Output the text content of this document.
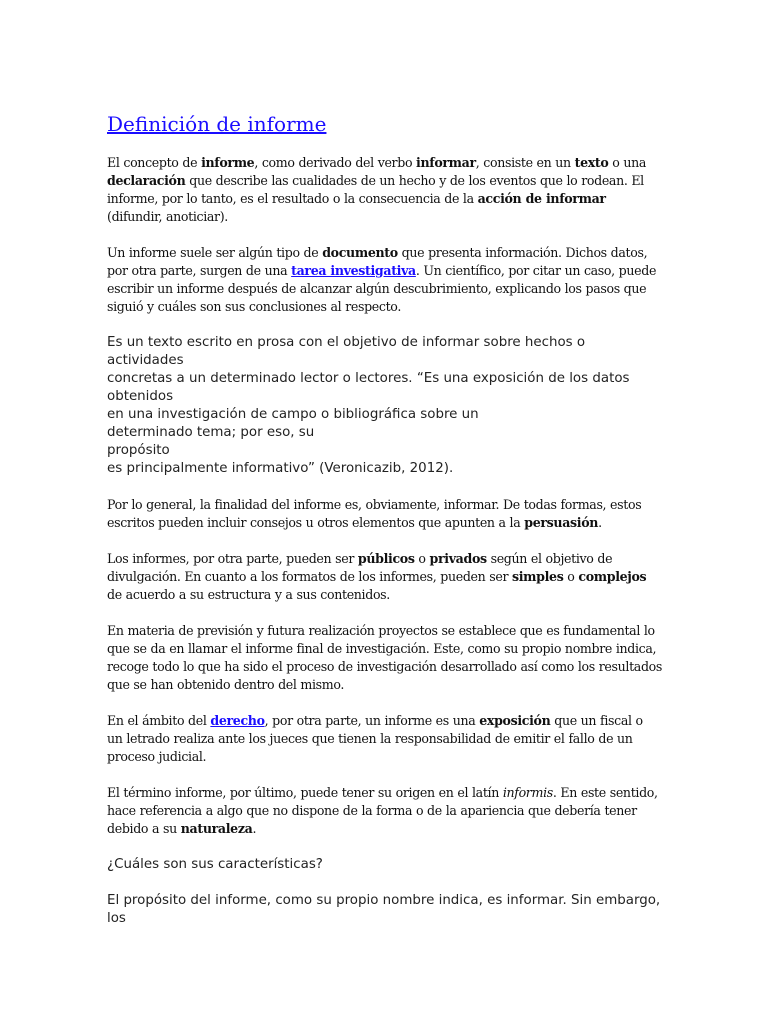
Definición de informe

El concepto de informe, como derivado del verbo informar, consiste en un texto o una declaración que describe las cualidades de un hecho y de los eventos que lo rodean. El informe, por lo tanto, es el resultado o la consecuencia de la acción de informar (difundir, anoticiar).

Un informe suele ser algún tipo de documento que presenta información. Dichos datos, por otra parte, surgen de una tarea investigativa. Un científico, por citar un caso, puede escribir un informe después de alcanzar algún descubrimiento, explicando los pasos que siguió y cuáles son sus conclusiones al respecto.

Es un texto escrito en prosa con el objetivo de informar sobre hechos o
actividades
concretas a un determinado lector o lectores. “Es una exposición de los datos
obtenidos
en una investigación de campo o bibliográfica sobre un
determinado tema; por eso, su
propósito
es principalmente informativo” (Veronicazib, 2012).

Por lo general, la finalidad del informe es, obviamente, informar. De todas formas, estos escritos pueden incluir consejos u otros elementos que apunten a la persuasión.

Los informes, por otra parte, pueden ser públicos o privados según el objetivo de divulgación. En cuanto a los formatos de los informes, pueden ser simples o complejos de acuerdo a su estructura y a sus contenidos.

En materia de previsión y futura realización proyectos se establece que es fundamental lo que se da en llamar el informe final de investigación. Este, como su propio nombre indica, recoge todo lo que ha sido el proceso de investigación desarrollado así como los resultados que se han obtenido dentro del mismo.

En el ámbito del derecho, por otra parte, un informe es una exposición que un fiscal o un letrado realiza ante los jueces que tienen la responsabilidad de emitir el fallo de un proceso judicial.

El término informe, por último, puede tener su origen en el latín informis. En este sentido, hace referencia a algo que no dispone de la forma o de la apariencia que debería tener debido a su naturaleza.

¿Cuáles son sus características?

El propósito del informe, como su propio nombre indica, es informar. Sin embargo, los
